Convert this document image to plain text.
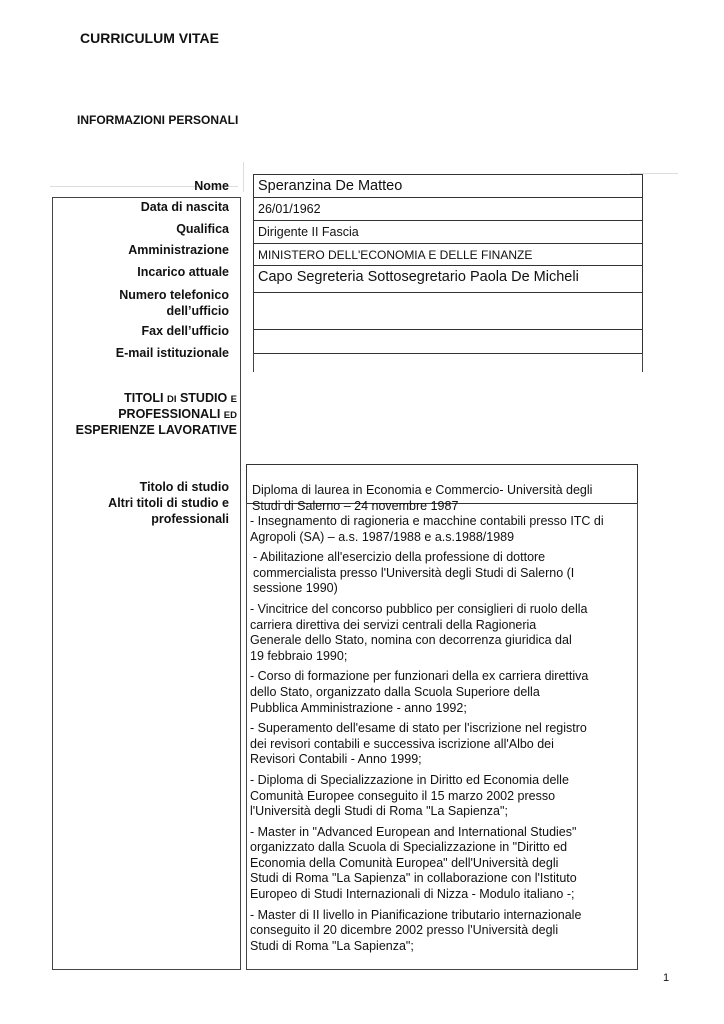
CURRICULUM VITAE
INFORMAZIONI PERSONALI
Nome
Data di nascita
Qualifica
Amministrazione
Incarico attuale
Numero telefonico
dell’ufficio
Fax dell’ufficio
E-mail istituzionale
Speranzina De Matteo
26/01/1962
Dirigente II Fascia
MINISTERO DELL'ECONOMIA E DELLE FINANZE
Capo Segreteria Sottosegretario Paola De Micheli
TITOLI DI STUDIO E
PROFESSIONALI ED
ESPERIENZE LAVORATIVE
Titolo di studio
Altri titoli di studio e
professionali
Diploma di laurea in Economia e Commercio- Università degli
Studi di Salerno – 24 novembre 1987
- Insegnamento di ragioneria e macchine contabili presso ITC di
Agropoli (SA) – a.s. 1987/1988 e a.s.1988/1989
- Abilitazione all'esercizio della professione di dottore
commercialista presso l'Università degli Studi di Salerno (I
sessione 1990)
- Vincitrice del concorso pubblico per consiglieri di ruolo della
carriera direttiva dei servizi centrali della Ragioneria
Generale dello Stato, nomina con decorrenza giuridica dal
19 febbraio 1990;
- Corso di formazione per funzionari della ex carriera direttiva
dello Stato, organizzato dalla Scuola Superiore della
Pubblica Amministrazione - anno 1992;
- Superamento dell'esame di stato per l'iscrizione nel registro
dei revisori contabili e successiva iscrizione all'Albo dei
Revisori Contabili - Anno 1999;
- Diploma di Specializzazione in Diritto ed Economia delle
Comunità Europee conseguito il 15 marzo 2002 presso
l'Università degli Studi di Roma "La Sapienza";
- Master in "Advanced European and International Studies"
organizzato dalla Scuola di Specializzazione in "Diritto ed
Economia della Comunità Europea" dell'Università degli
Studi di Roma "La Sapienza" in collaborazione con l'Istituto
Europeo di Studi Internazionali di Nizza - Modulo italiano -;
- Master di II livello in Pianificazione tributario internazionale
conseguito il 20 dicembre 2002 presso l'Università degli
Studi di Roma "La Sapienza";
1
